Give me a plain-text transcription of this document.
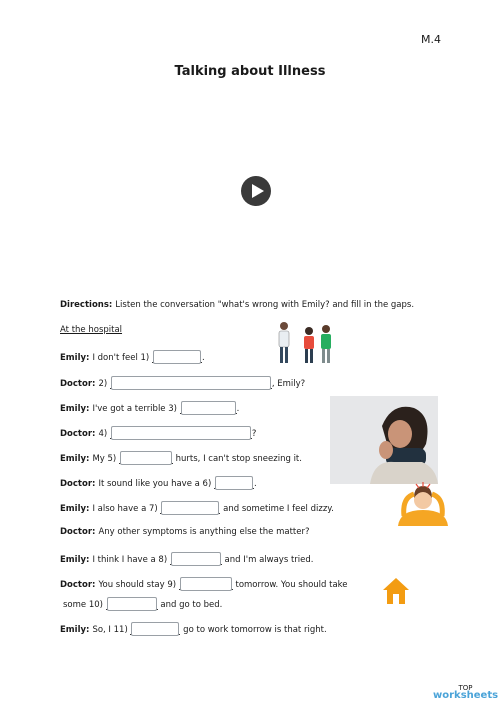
M.4
Talking about Illness
Directions: Listen the conversation "what's wrong with Emily? and fill in the gaps.
At the hospital
Emily: I don't feel 1)	.
Doctor: 2)	, Emily?
Emily: I've got a terrible 3)	.
Doctor: 4)	?
Emily: My 5)	hurts, I can't stop sneezing it.
Doctor: It sound like you have a 6)	.
Emily: I also have a 7)	and sometime I feel dizzy.
Doctor: Any other symptoms is anything else the matter?
Emily: I think I have a 8)	and I'm always tried.
Doctor: You should stay 9)	tomorrow. You should take
some 10)	and go to bed.
Emily: So, I 11)	go to work tomorrow is that right.
TOP
worksheets
